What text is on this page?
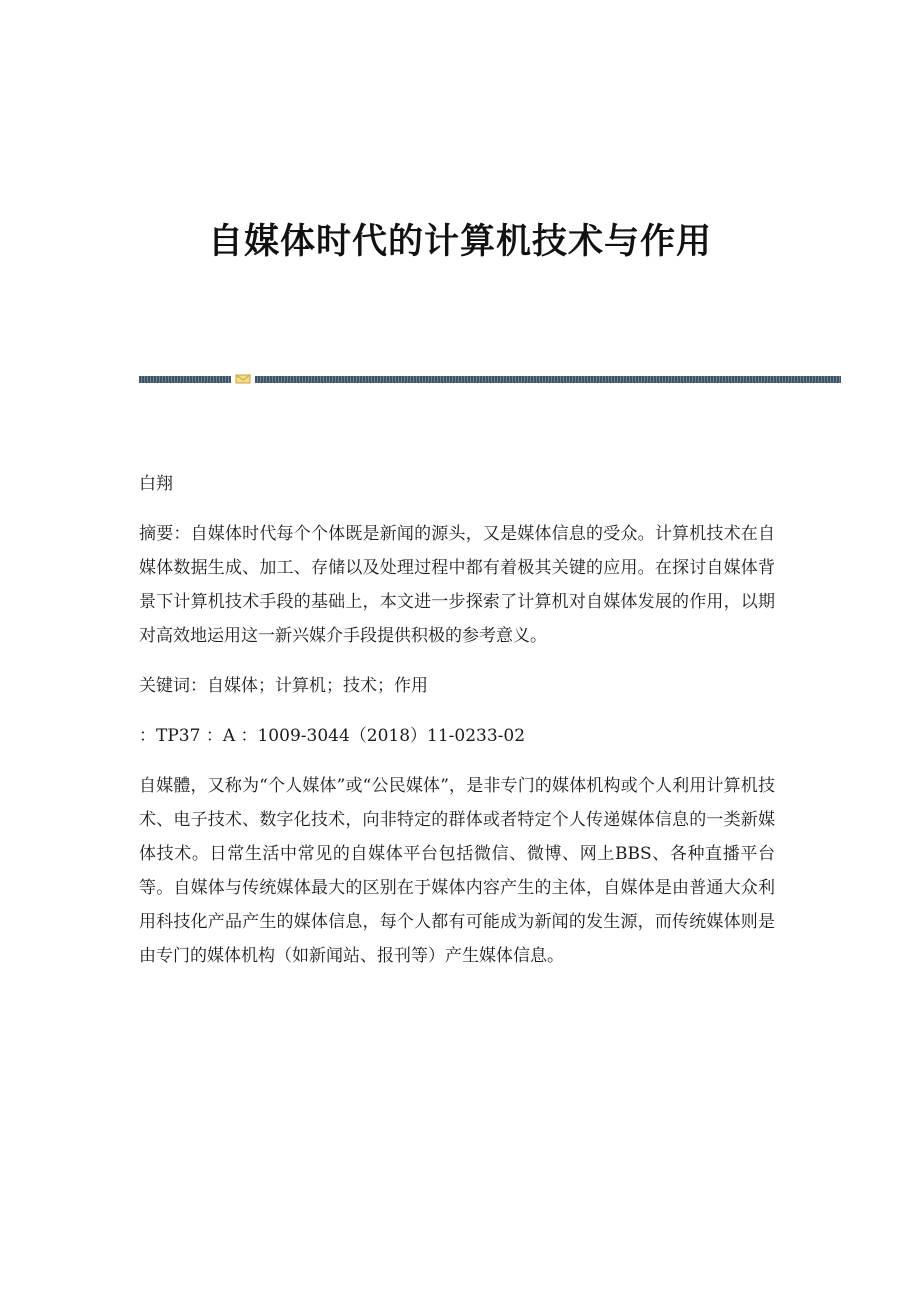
自媒体时代的计算机技术与作用

白翔

摘要：自媒体时代每个个体既是新闻的源头，又是媒体信息的受众。计算机技术在自媒体数据生成、加工、存储以及处理过程中都有着极其关键的应用。在探讨自媒体背景下计算机技术手段的基础上，本文进一步探索了计算机对自媒体发展的作用，以期对高效地运用这一新兴媒介手段提供积极的参考意义。

关键词：自媒体；计算机；技术；作用

：TP37 ：A ：1009-3044（2018）11-0233-02

自媒體，又称为“个人媒体”或“公民媒体”，是非专门的媒体机构或个人利用计算机技术、电子技术、数字化技术，向非特定的群体或者特定个人传递媒体信息的一类新媒体技术。日常生活中常见的自媒体平台包括微信、微博、网上BBS、各种直播平台等。自媒体与传统媒体最大的区别在于媒体内容产生的主体，自媒体是由普通大众利用科技化产品产生的媒体信息，每个人都有可能成为新闻的发生源，而传统媒体则是由专门的媒体机构（如新闻站、报刊等）产生媒体信息。
